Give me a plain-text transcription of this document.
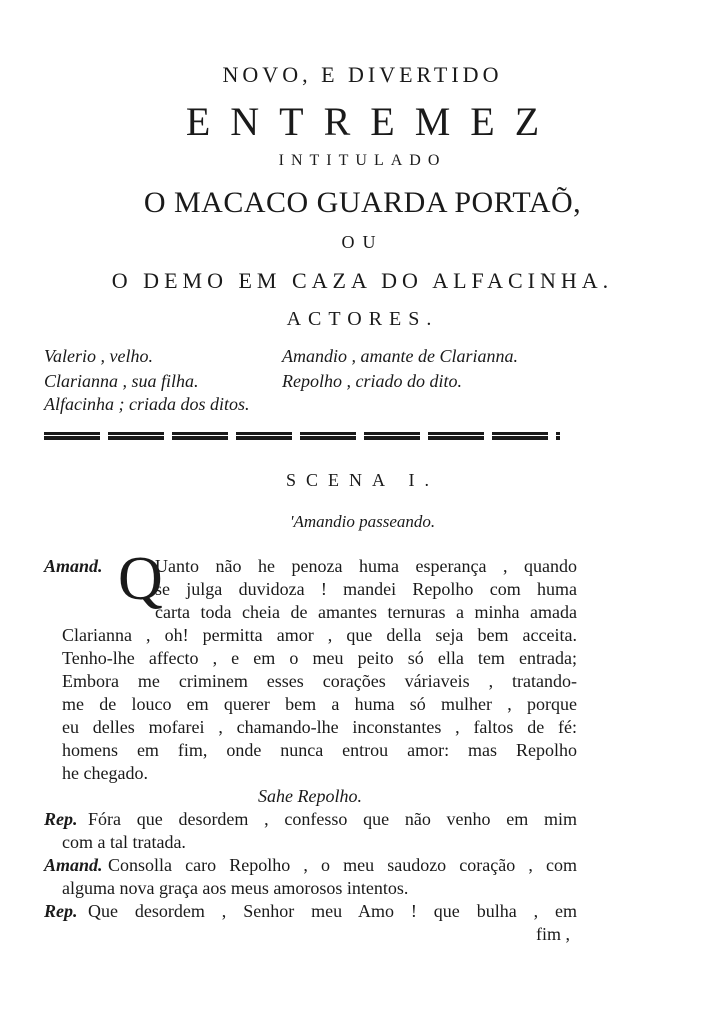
NOVO, E DIVERTIDO
ENTREMEZ
INTITULADO
O MACACO GUARDA PORTAÕ,
OU
O DEMO EM CAZA DO ALFACINHA.
ACTORES.
Valerio , velho.	Amandio , amante de Clarianna.
Clarianna , sua filha.	Repolho , criado do dito.
Alfacinha ; criada dos ditos.
SCENA I.
'Amandio passeando.
Amand. Q
Uanto não he penoza huma esperança , quando
se julga duvidoza ! mandei Repolho com huma
carta toda cheia de amantes ternuras a minha amada
Clarianna , oh! permitta amor , que della seja bem acceita.
Tenho-lhe affecto , e em o meu peito só ella tem entrada;
Embora me criminem esses corações váriaveis , tratando-
me de louco em querer bem a huma só mulher , porque
eu delles mofarei , chamando-lhe inconstantes , faltos de fé:
homens em fim, onde nunca entrou amor: mas Repolho
he chegado.
Sahe Repolho.
Rep. Fóra que desordem , confesso que não venho em mim
com a tal tratada.
Amand. Consolla caro Repolho , o meu saudozo coração , com
alguma nova graça aos meus amorosos intentos.
Rep. Que desordem , Senhor meu Amo ! que bulha , em
fim ,
